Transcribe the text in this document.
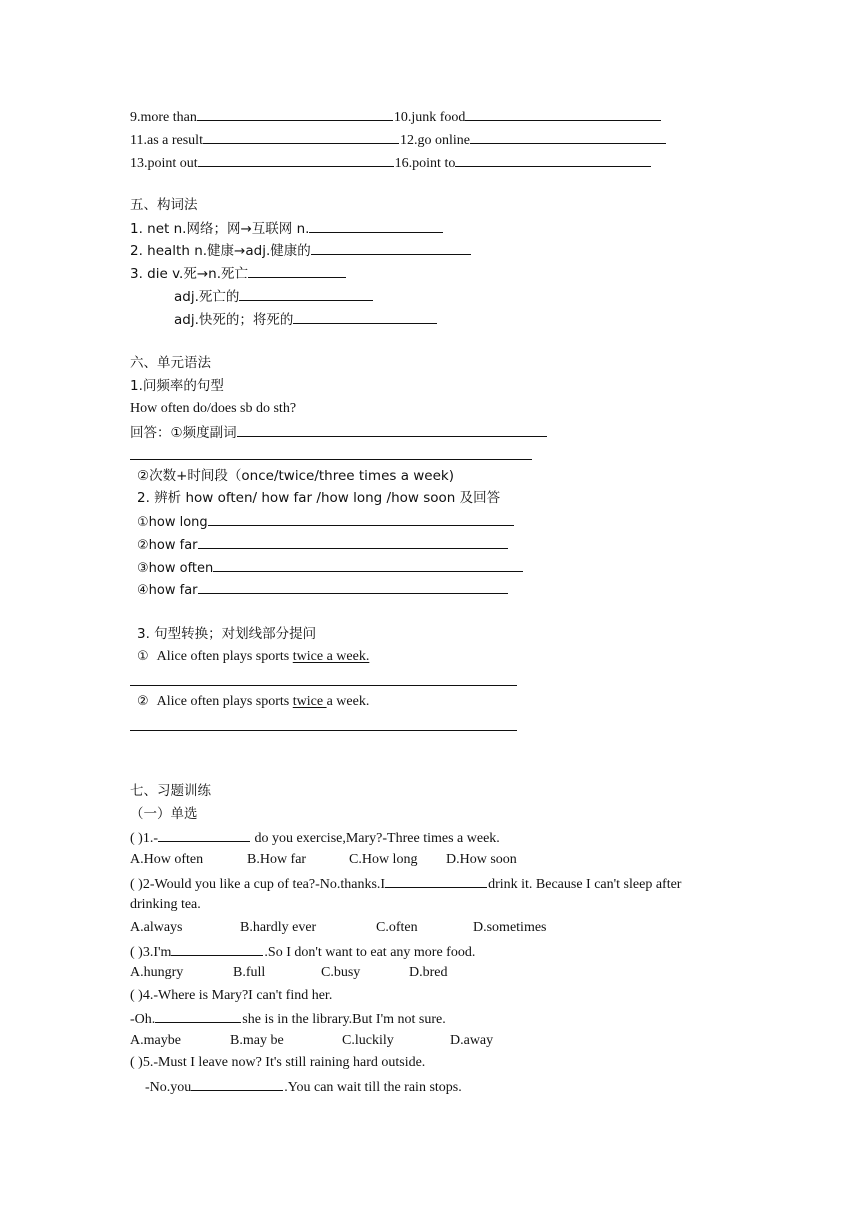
9.more than	10.junk food
11.as a result	12.go online
13.point out	16.point to
五、构词法
1. net n.网络；网→互联网 n.
2. health n.健康→adj.健康的
3. die v.死→n.死亡
adj.死亡的
adj.快死的；将死的
六、单元语法
1.问频率的句型
How often do/does sb do sth?
回答：①频度副词
②次数+时间段（once/twice/three times a week)
2. 辨析 how often/ how far /how long /how soon 及回答
①how long
②how far
③how often
④how far
3. 句型转换；对划线部分提问
① Alice often plays sports twice a week.
② Alice often plays sports twice a week.
七、习题训练
（一）单选
( )1.-	do you exercise,Mary?-Three times a week.
A.How often	B.How far	C.How long D.How soon
( )2-Would you like a cup of tea?-No.thanks.I	drink it. Because I can't sleep after
drinking tea.
A.always	B.hardly ever	C.often	D.sometimes
( )3.I'm	.So I don't want to eat any more food.
A.hungry	B.full	C.busy	D.bred
( )4.-Where is Mary?I can't find her.
-Oh.	she is in the library.But I'm not sure.
A.maybe	B.may be	C.luckily	D.away
( )5.-Must I leave now? It's still raining hard outside.
-No.you	.You can wait till the rain stops.
